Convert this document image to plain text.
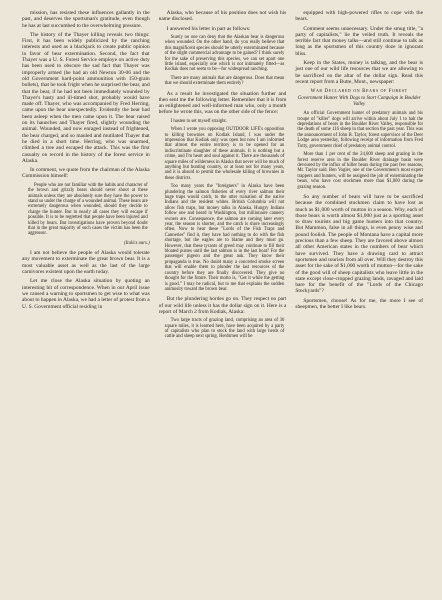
mission, has resisted these influences gallantly in the past, and deserves the sportsman's gratitude, even though he has at last succumbed to the overwhelming pressure.

The history of the Thayer killing reveals two things: First, it has been widely publicized by the ranching interests and used as a blackjack to create public opinion in favor of bear extermination. Second, the fact that Thayer was a U. S. Forest Service employe on active duty has been used to obscure the sad fact that Thayer was improperly armed (he had an old Newton 30-06 and the old Government hard-point ammunition with 150-grain bullets), that he took fright when he surprised the bear, and that the bear, if he had not been immediately wounded by Thayer's hasty and ill-timed shot, probably would have made off. Thayer, who was accompanied by Fred Herring, came upon the bear unexpectedly. Evidently the bear had been asleep when the men came upon it. The bear raised on its haunches and Thayer fired, slightly wounding the animal. Wounded, and now enraged instead of frightened, the bear charged, and so mauled and mutilated Thayer that he died in a short time. Herring, who was unarmed, climbed a tree and escaped the attack. This was the first casualty on record in the history of the forest service in Alaska.

In comment, we quote from the chairman of the Alaska Commission himself:

People who are not familiar with the habits and character of the brown and grizzly bears should never shoot at these animals unless they are absolutely sure they have the power to stand us under the charge of a wounded animal. These bears are extremely dangerous when wounded, should they decide to charge the hunter. But in nearly all cases they will escape if possible. It is to be regretted that people have been injured and killed by bears. But investigations have proven beyond doubt that in the great majority of such cases the victim has been the aggressor.

(Italics ours.)

I am not believe the people of Alaska would tolerate any movement to exterminate the great brown bear. It is a most valuable asset as well as the last of the large carnivores existent upon the earth today.

Let me close the Alaska situation by quoting an interesting bit of correspondence. When in our April issue we caused a warning to sportsmen to get wise to what was about to happen in Alaska, we had a letter of protest from a U. S. Government official residing in

Alaska, who because of his position does not wish his name disclosed.

I answered his letter in part as follows:

Surely no one can deny that the Alaskan bear is dangerous when wounded. On the other hand, do you really believe that this magnificent species should be utterly exterminated because of the slight commercial advantage to be gained? I think surely for the sake of preserving this species, we can set apart one little island, especially one which is not intimately fitted—as Kodiak does not seem to be—for widespread ranching.

There are many animals that are dangerous. Does that mean that we should exterminate them entirely?

As a result he investigated the situation further and then sent me the following letter. Remember that it is from an enlightened and well-informed man who, only a month before he wrote this, was on the other side of the fence:

I hasten to set myself straight.

When I wrote you opposing OUTDOOR LIFE's opposition to killing brownies on Kodiak Island, I was under the impression that Kodiak only was open but now I am informed that almost the entire territory is to be opened for an indiscriminate slaughter of these animals. It is nothing but a crime, and I'm heart and soul against it. There are thousands of square miles of wilderness in Alaska that never will be much of anything but hunting country, or at least not for many years, and it is absurd to permit the wholesale killing of brownies in these districts.

Too many years the "foreigners" in Alaska have been plundering the salmon fisheries of every river salmon their huge traps would catch, to the utter ruination of the native Indians and the resident whites. British Columbia will not allow fish traps, but money talks in Alaska. Hungry Indians follow one and heard in Washington, but millionaire cannery owners are. Consequence, the salmon are coming later every year, the season is shorter, and the catch is shore increasingly often. Now to hear these "Lords of the Fish Traps and Canneries" find it, they have had nothing to do with the fish shortage, but the eagles are to blame and they must go. However, that these tyrants of greed may continue to fill their bloated purses until the last salmon is in the last boat? For the passenger pigeon and the great auk. They know their propaganda is true. No doubt many a concerted smoke screen that will enable them to plunder the last resources of the country before they are finally discovered. They give no thought for the future. Their motto is, "Get it while the getting is good." I may be radical, but to me that explains the sudden animosity toward the brown bear.

But the plundering hordes go on. They respect no part of our wild life unless it has the dollar sign on it. Here is a report of March 2 from Kodiak, Alaska:

Two large tracts of grazing land, comprising an area of 30 square miles, it is learned here, have been acquired by a party of capitalists who plan to stock the land with large herds of cattle and sheep next spring. Herdsmen will be

equipped with high-powered rifles to cope with the bears.

Comment seems unnecessary. Under the smug title, "a party of capitalists," lie the veiled truth. It reveals the terrible fact that money talks—and still continue to talk as long as the sportsmen of this country doze in ignorant bliss.

Keep in the States, money is talking, and the bear is just one of our wild life resources that we are allowing to be sacrificed on the altar of the dollar sign. Read this recent report from a Butte, Mont., newspaper:

War Declared on Bears of Forest

Government Hunter With Dogs to Start Campaign in Boulder Valley

An official Government hunter of predatory animals and his troupe of "killer" dogs will arrive within about July 1 to halt the depredations of bears in the Boulder River Valley, responsible for the death of some 116 sheep in that section the past year. This was the announcement of John B. Taylor, forest supervisor of the Deer Lodge area yesterday, following receipt of information from Fred Tutty, government chief of predatory animal control.

More than 1 per cent of the 24,000 sheep and grazing in the forest reserve area in the Boulder River drainage basin were devoured by the influx of killer bears during the past few seasons, Mr. Taylor said. Ben Vogler, one of the Government's most expert trappers and hunters, will be assigned the job of exterminating the bears, who have cost stockmen more than $1,000 during the grazing season.

So any number of bears will have to be sacrificed because the combined stockmen claim to have lost as much as $1,000 worth of mutton in a season. Why, each of those bears is worth almost $1,000 just as a sporting asset to draw tourists and big game hunters into that country. But Mammon, false in all things, is even penny wise and pound foolish. The people of Montana have a capital more precious than a few sheep. They are favored above almost all other American states in the numbers of bear which have survived. They have a drawing card to attract sportsmen and tourists from all over. Will they destroy this asset for the sake of $1,000 worth of mutton—for the sake of the good will of sheep capitalists who leave little in the state except close-cropped grazing lands, ravaged and laid bare for the benefit of the "Lords of the Chicago Stockyards"?

Sportsmen, choose! As for me, the more I see of sheepmen, the better I like bears.
